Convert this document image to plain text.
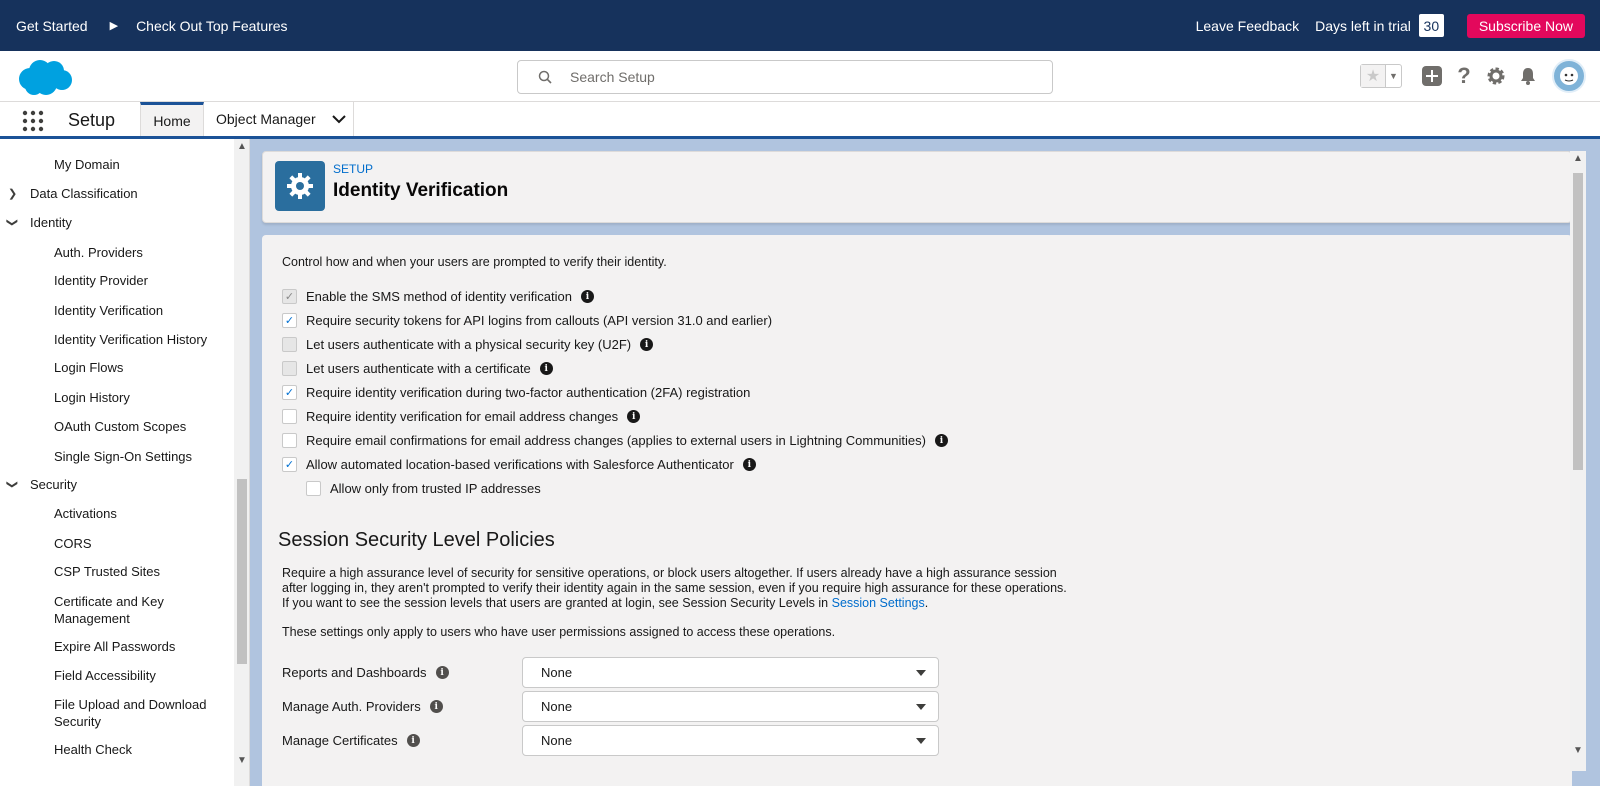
Get Started ▶ Check Out Top Features	Leave Feedback Days left in trial 30	Subscribe Now
Search Setup
★ ▼	?
Setup	Home Object Manager

My Domain
❯ Data Classification
❯ Identity
Auth. Providers
Identity Provider
Identity Verification
Identity Verification History
Login Flows
Login History
OAuth Custom Scopes
Single Sign-On Settings
❯ Security
Activations
CORS
CSP Trusted Sites
Certificate and Key Management
Expire All Passwords
Field Accessibility
File Upload and Download Security
Health Check
▲
▼
SETUP
Identity Verification
Control how and when your users are prompted to verify their identity.
✓ Enable the SMS method of identity verification	i
✓ Require security tokens for API logins from callouts (API version 31.0 and earlier)
Let users authenticate with a physical security key (U2F)	i
Let users authenticate with a certificate	i
✓ Require identity verification during two-factor authentication (2FA) registration
Require identity verification for email address changes	i
Require email confirmations for email address changes (applies to external users in Lightning Communities)	i
✓ Allow automated location-based verifications with Salesforce Authenticator	i
Allow only from trusted IP addresses
Session Security Level Policies

Require a high assurance level of security for sensitive operations, or block users altogether. If users already have a high assurance session after logging in, they aren't prompted to verify their identity again in the same session, even if you require high assurance for these operations. If you want to see the session levels that users are granted at login, see Session Security Levels in Session Settings.

These settings only apply to users who have user permissions assigned to access these operations.
Reports and Dashboards	i	None
Manage Auth. Providers	i	None
Manage Certificates	i	None
▲
▼
